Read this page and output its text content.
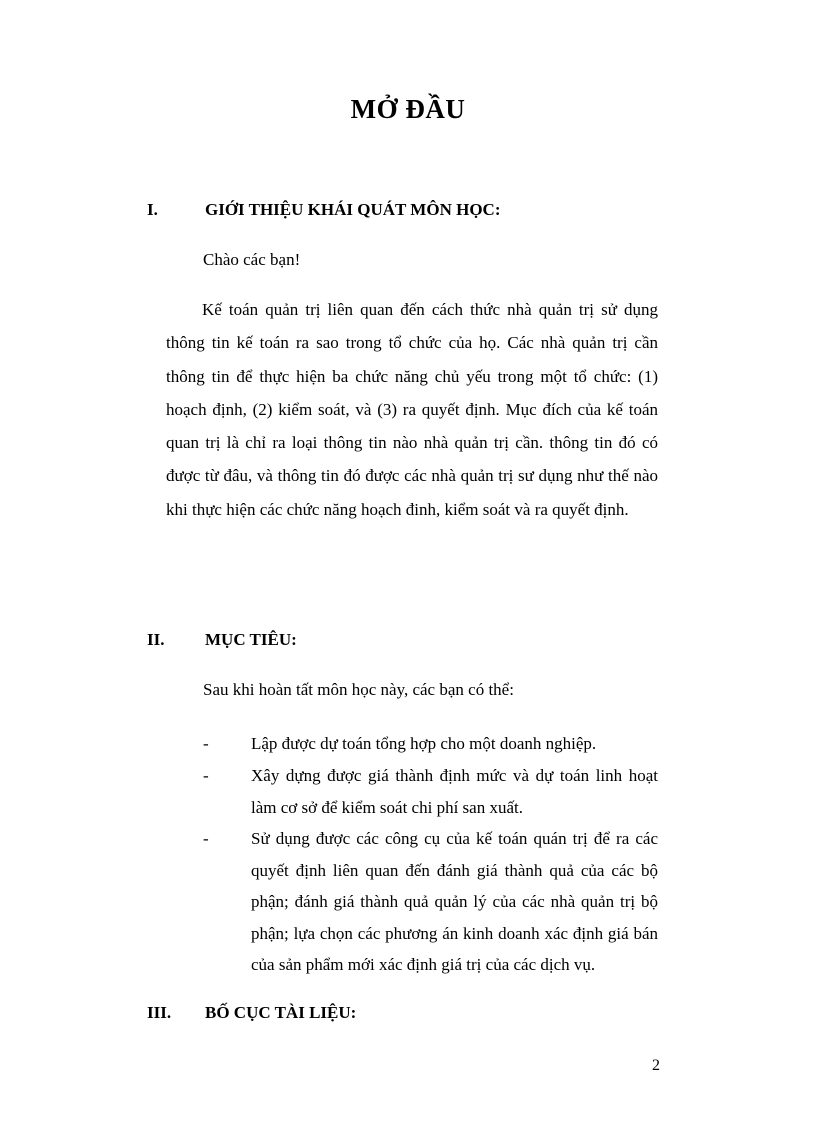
MỞ ĐẦU
I.	GIỚI THIỆU KHÁI QUÁT MÔN HỌC:
Chào các bạn!

Kế toán quản trị liên quan đến cách thức nhà quản trị sử dụng thông tin kế toán ra sao trong tổ chức của họ. Các nhà quản trị cần thông tin để thực hiện ba chức năng chủ yếu trong một tổ chức: (1) hoạch định, (2) kiểm soát, và (3) ra quyết định. Mục đích của kế toán quan trị là chỉ ra loại thông tin nào nhà quản trị cần. thông tin đó có được từ đâu, và thông tin đó được các nhà quản trị sư dụng như thế nào khi thực hiện các chức năng hoạch đinh, kiểm soát và ra quyết định.

II. MỤC TIÊU:
Sau khi hoàn tất môn học này, các bạn có thể:
-	Lập được dự toán tổng hợp cho một doanh nghiệp.
-	Xây dựng được giá thành định mức và dự toán linh hoạt làm cơ sở để kiểm soát chi phí san xuất.
-	Sử dụng được các công cụ của kế toán quán trị để ra các quyết định liên quan đến đánh giá thành quả của các bộ phận; đánh giá thành quả quản lý của các nhà quản trị bộ phận; lựa chọn các phương án kinh doanh xác định giá bán của sản phẩm mới xác định giá trị của các dịch vụ.
III. BỐ CỤC TÀI LIỆU:
2
